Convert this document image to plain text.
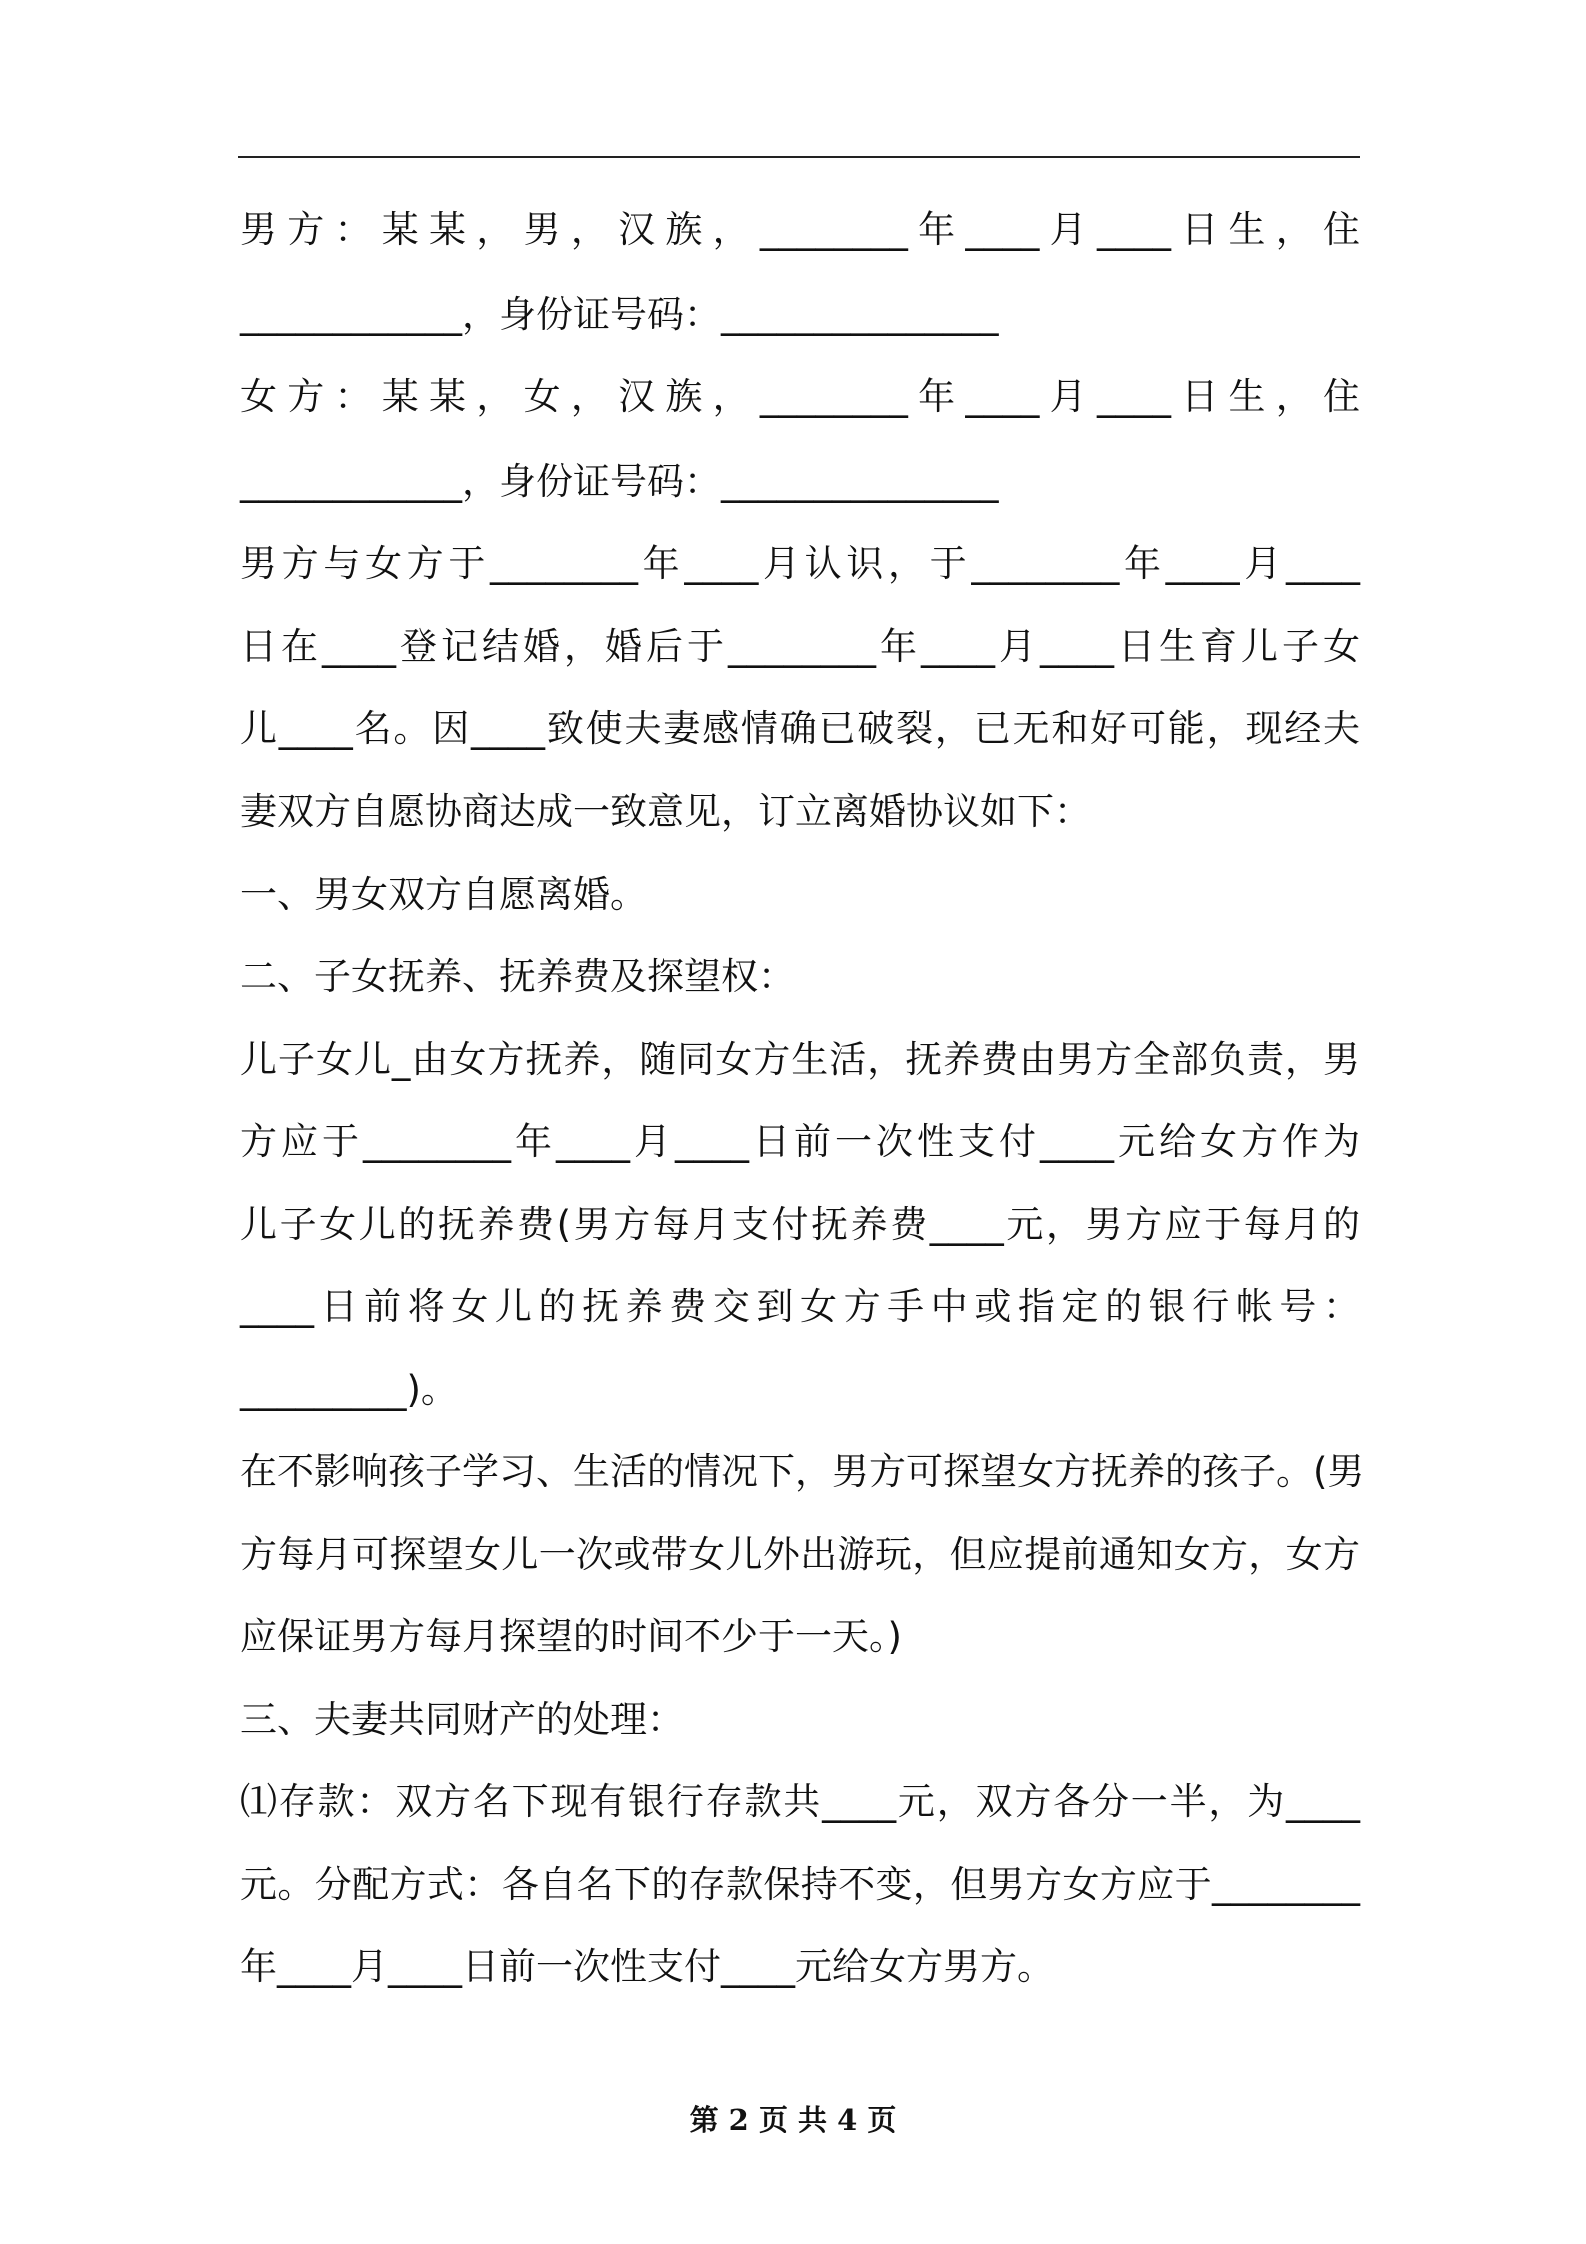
男方：某某，男，汉族，________年____月____日生，住
____________，身份证号码：_______________
女方：某某，女，汉族，________年____月____日生，住
____________，身份证号码：_______________
男方与女方于________年____月认识，于________年____月____
日在____登记结婚，婚后于________年____月____日生育儿子女
儿____名。因____致使夫妻感情确已破裂，已无和好可能，现经夫
妻双方自愿协商达成一致意见，订立离婚协议如下：
一、男女双方自愿离婚。
二、子女抚养、抚养费及探望权：
儿子女儿_由女方抚养，随同女方生活，抚养费由男方全部负责，男
方应于________年____月____日前一次性支付____元给女方作为
儿子女儿的抚养费(男方每月支付抚养费____元，男方应于每月的
____日前将女儿的抚养费交到女方手中或指定的银行帐号：
_________)。
在不影响孩子学习、生活的情况下，男方可探望女方抚养的孩子。(男
方每月可探望女儿一次或带女儿外出游玩，但应提前通知女方，女方
应保证男方每月探望的时间不少于一天。)
三、夫妻共同财产的处理：
⑴存款：双方名下现有银行存款共____元，双方各分一半，为____
元。分配方式：各自名下的存款保持不变，但男方女方应于________
年____月____日前一次性支付____元给女方男方。
第 2 页 共 4 页
